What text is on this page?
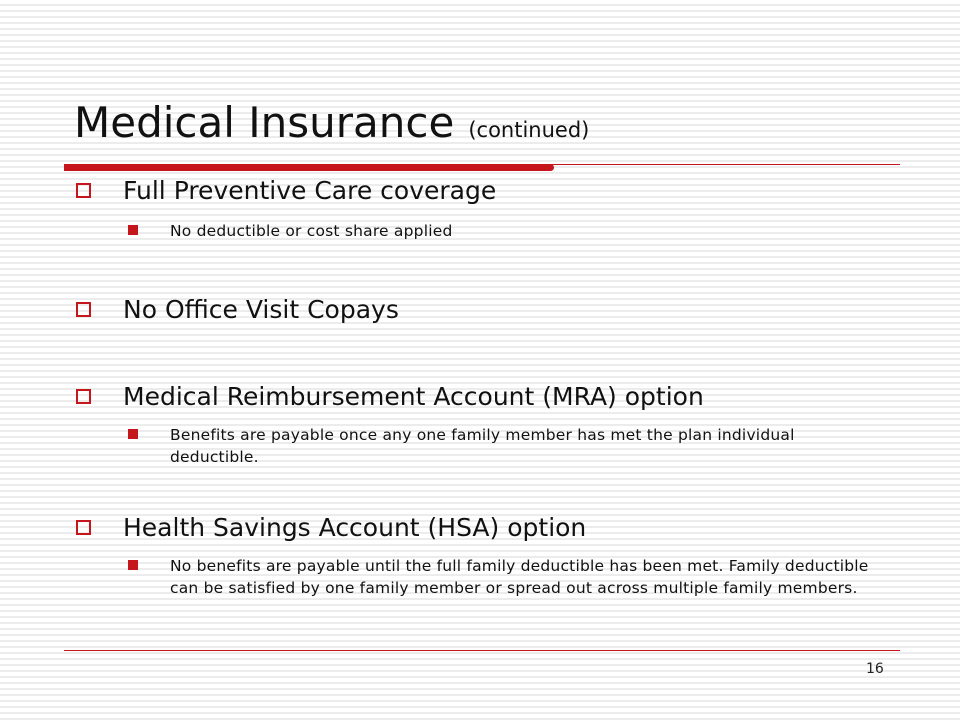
Medical Insurance (continued)
Full Preventive Care coverage
No deductible or cost share applied
No Office Visit Copays
Medical Reimbursement Account (MRA) option
Benefits are payable once any one family member has met the plan individual deductible.
Health Savings Account (HSA) option
No benefits are payable until the full family deductible has been met. Family deductible can be satisfied by one family member or spread out across multiple family members.
16
